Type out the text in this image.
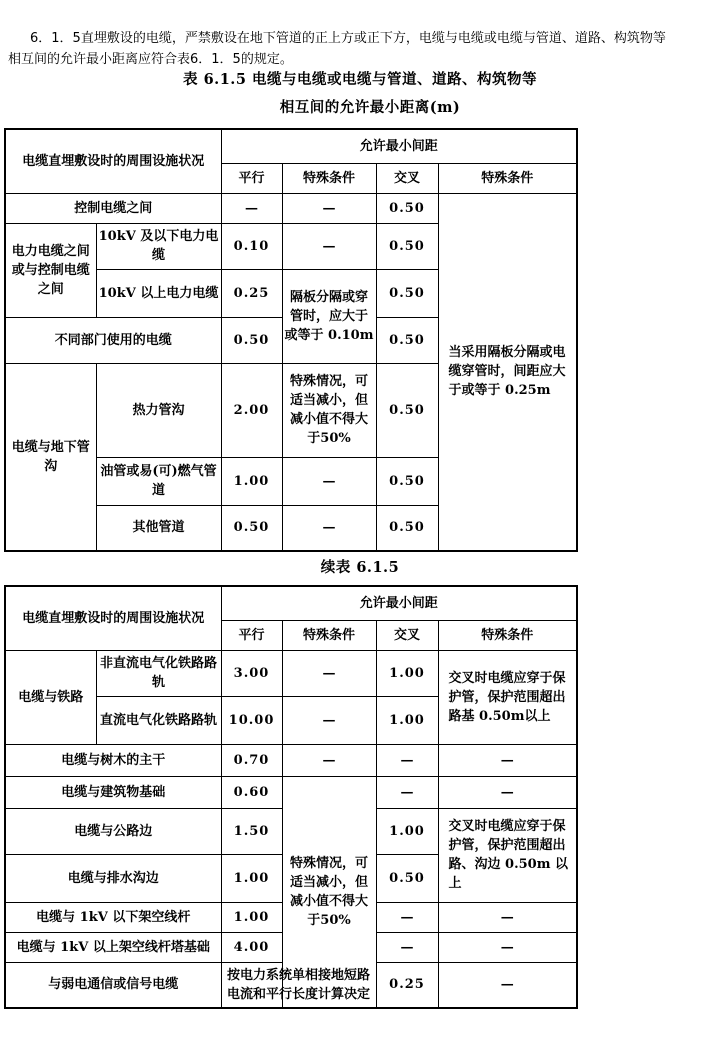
6．1．5直埋敷设的电缆，严禁敷设在地下管道的正上方或正下方，电缆与电缆或电缆与管道、道路、构筑物等
相互间的允许最小距离应符合表6．1．5的规定。
表 6.1.5 电缆与电缆或电缆与管道、道路、构筑物等
相互间的允许最小距离(m)
电缆直埋敷设时的周围设施状况		允许最小间距			
		平行	特殊条件	交叉	特殊条件
控制电缆之间		—	—	0.50	当采用隔板分隔或电缆穿管时，间距应大于或等于 0.25m
电力电缆之间或与控制电缆之间	10kV 及以下电力电缆	0.10	—	0.50	
	10kV 以上电力电缆	0.25	隔板分隔或穿管时，应大于或等于 0.10m	0.50	
不同部门使用的电缆		0.50		0.50	
电缆与地下管沟	热力管沟	2.00	特殊情况，可适当减小，但减小值不得大于50%	0.50	
	油管或易(可)燃气管道	1.00	—	0.50	
	其他管道	0.50	—	0.50	
续表 6.1.5
电缆直埋敷设时的周围设施状况		允许最小间距			
		平行	特殊条件	交叉	特殊条件
电缆与铁路	非直流电气化铁路路轨	3.00	—	1.00	交叉时电缆应穿于保护管，保护范围超出路基 0.50m以上
	直流电气化铁路路轨	10.00	—	1.00	
电缆与树木的主干		0.70	—	—	—
电缆与建筑物基础		0.60	特殊情况，可适当减小，但减小值不得大于50%	—	—
电缆与公路边		1.50		1.00	交叉时电缆应穿于保护管，保护范围超出路、沟边 0.50m 以上
电缆与排水沟边		1.00		0.50	
电缆与 1kV 以下架空线杆		1.00		—	—
电缆与 1kV 以上架空线杆塔基础		4.00		—	—
与弱电通信或信号电缆		按电力系统单相接地短路电流和平行长度计算决定		0.25	—
